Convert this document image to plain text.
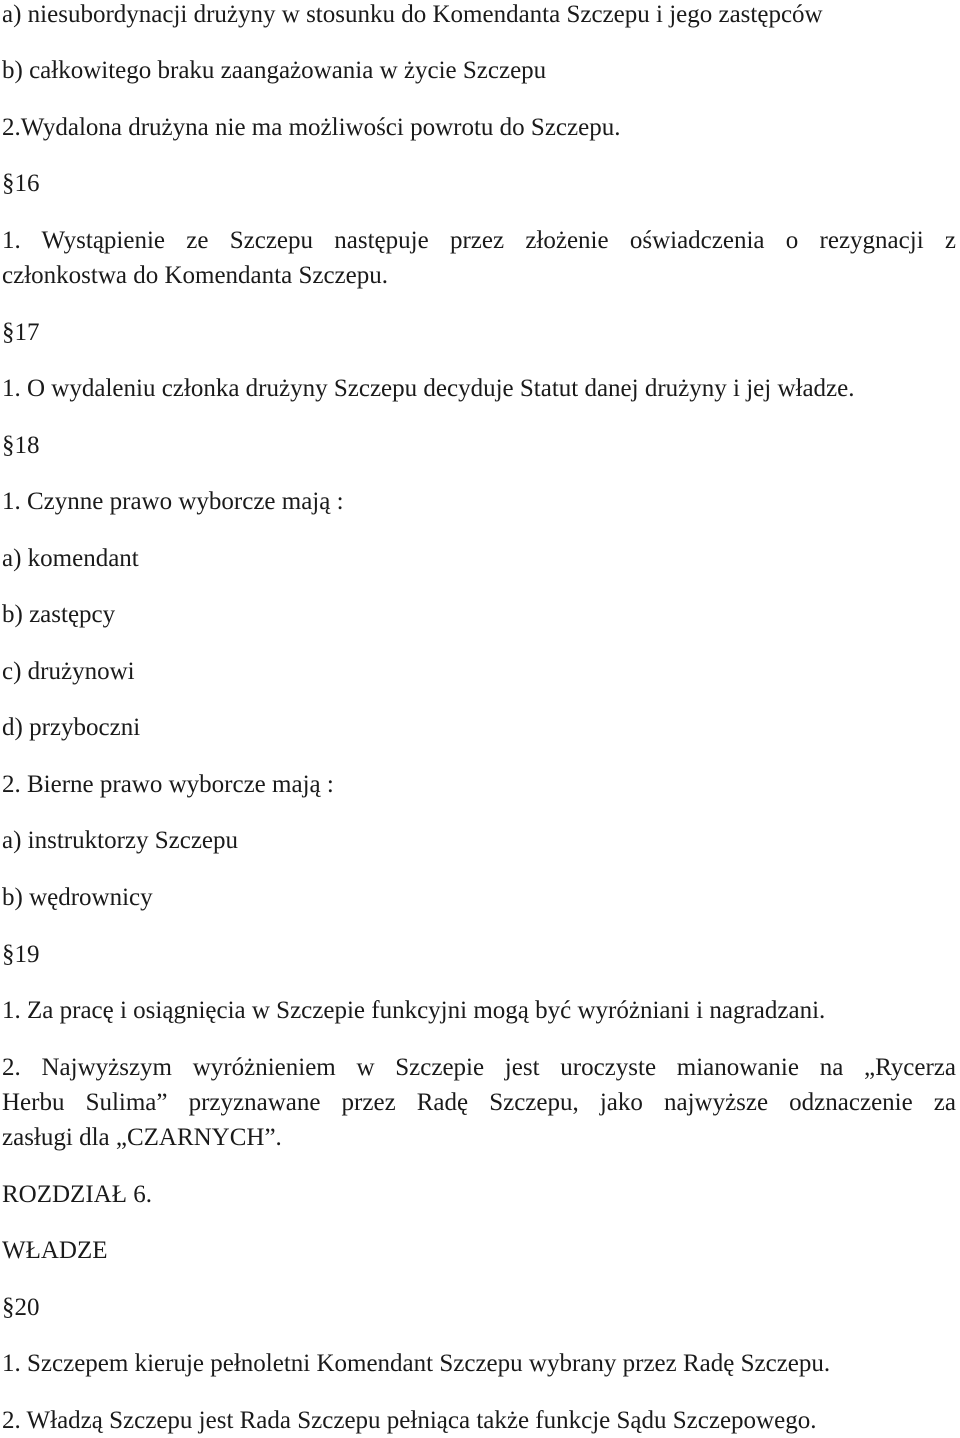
a) niesubordynacji drużyny w stosunku do Komendanta Szczepu i jego zastępców
b) całkowitego braku zaangażowania w życie Szczepu
2.Wydalona drużyna nie ma możliwości powrotu do Szczepu.
§16
1. Wystąpienie ze Szczepu następuje przez złożenie oświadczenia o rezygnacji z
członkostwa do Komendanta Szczepu.
§17
1. O wydaleniu członka drużyny Szczepu decyduje Statut danej drużyny i jej władze.
§18
1. Czynne prawo wyborcze mają :
a) komendant
b) zastępcy
c) drużynowi
d) przyboczni
2. Bierne prawo wyborcze mają :
a) instruktorzy Szczepu
b) wędrownicy
§19
1. Za pracę i osiągnięcia w Szczepie funkcyjni mogą być wyróżniani i nagradzani.
2. Najwyższym wyróżnieniem w Szczepie jest uroczyste mianowanie na „Rycerza
Herbu Sulima” przyznawane przez Radę Szczepu, jako najwyższe odznaczenie za
zasługi dla „CZARNYCH”.
ROZDZIAŁ 6.
WŁADZE
§20
1. Szczepem kieruje pełnoletni Komendant Szczepu wybrany przez Radę Szczepu.
2. Władzą Szczepu jest Rada Szczepu pełniąca także funkcje Sądu Szczepowego.
